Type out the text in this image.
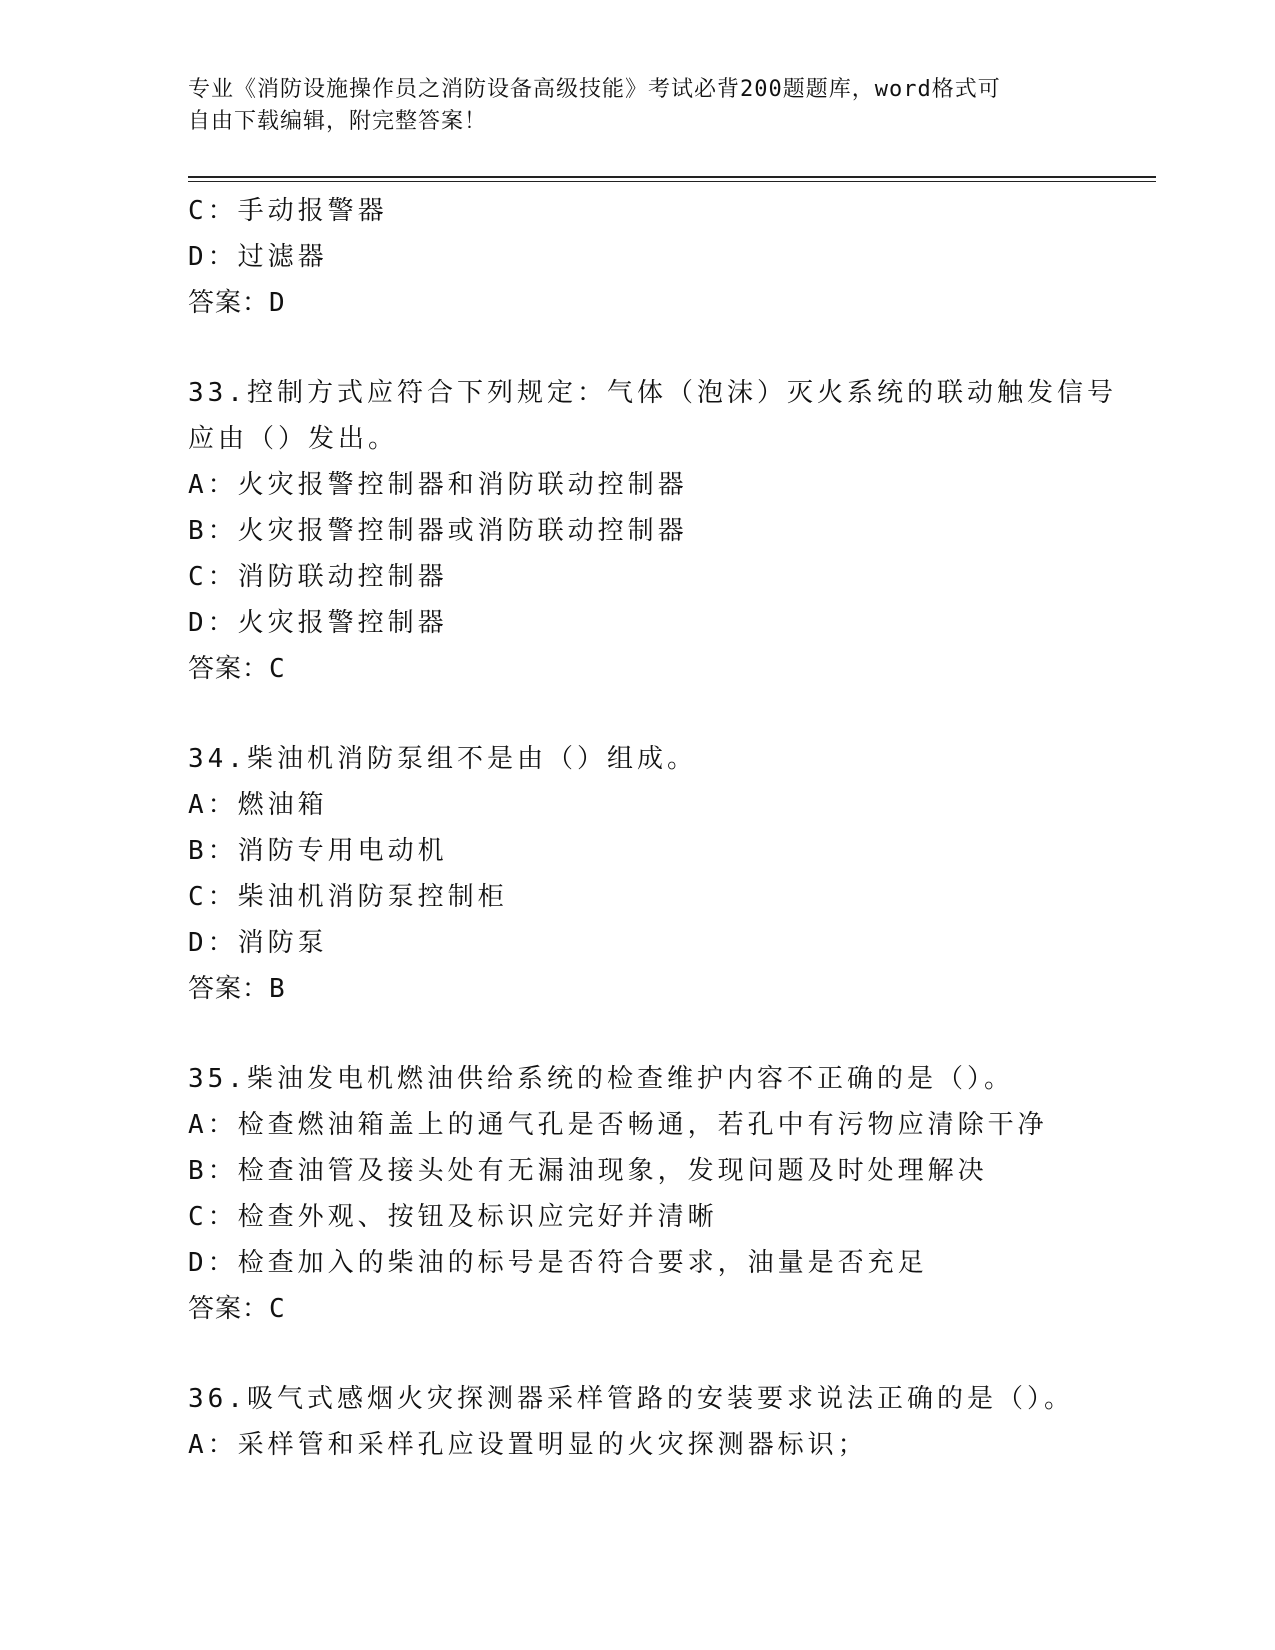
专业《消防设施操作员之消防设备高级技能》考试必背200题题库，word格式可
自由下载编辑，附完整答案！
C：手动报警器
D：过滤器
答案：D
33.控制方式应符合下列规定：气体（泡沫）灭火系统的联动触发信号
应由（）发出。
A：火灾报警控制器和消防联动控制器
B：火灾报警控制器或消防联动控制器
C：消防联动控制器
D：火灾报警控制器
答案：C
34.柴油机消防泵组不是由（）组成。
A：燃油箱
B：消防专用电动机
C：柴油机消防泵控制柜
D：消防泵
答案：B
35.柴油发电机燃油供给系统的检查维护内容不正确的是（）。
A：检查燃油箱盖上的通气孔是否畅通，若孔中有污物应清除干净
B：检查油管及接头处有无漏油现象，发现问题及时处理解决
C：检查外观、按钮及标识应完好并清晰
D：检查加入的柴油的标号是否符合要求，油量是否充足
答案：C
36.吸气式感烟火灾探测器采样管路的安装要求说法正确的是（）。
A：采样管和采样孔应设置明显的火灾探测器标识；
